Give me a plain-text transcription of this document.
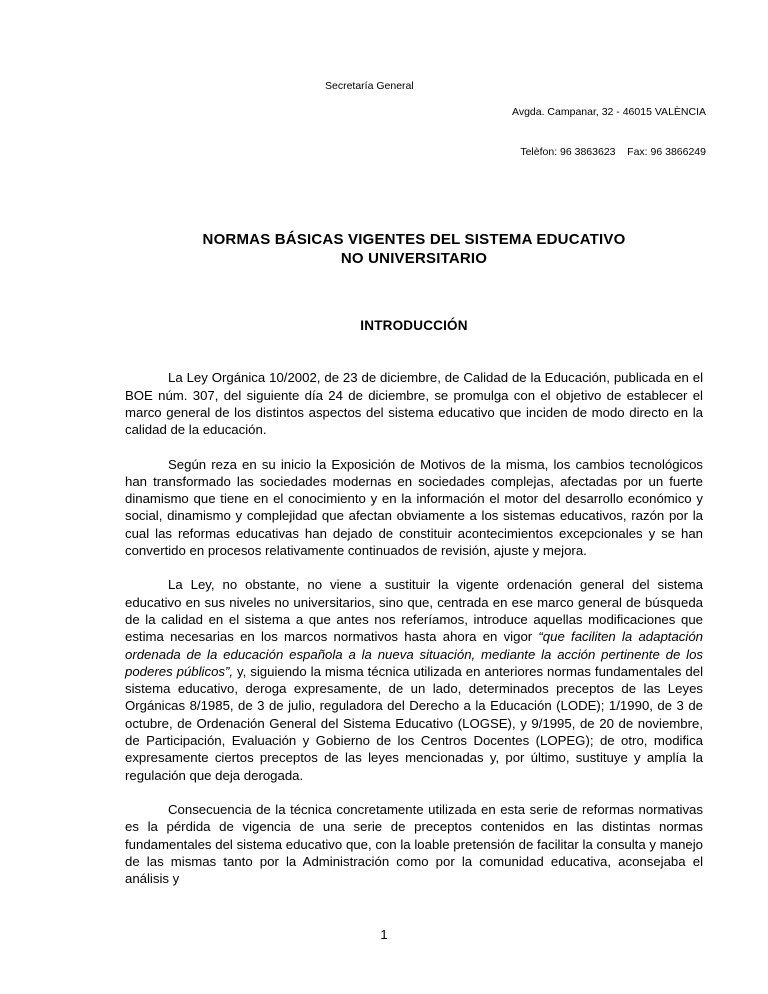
Secretaría General

Avgda. Campanar, 32 - 46015 VALÈNCIA

Telèfon: 96 3863623    Fax: 96 3866249

NORMAS BÁSICAS VIGENTES DEL SISTEMA EDUCATIVO
NO UNIVERSITARIO
INTRODUCCIÓN

La Ley Orgánica 10/2002, de 23 de diciembre, de Calidad de la Educación, publicada en el BOE núm. 307, del siguiente día 24 de diciembre, se promulga con el objetivo de establecer el marco general de los distintos aspectos del sistema educativo que inciden de modo directo en la calidad de la educación.

Según reza en su inicio la Exposición de Motivos de la misma, los cambios tecnológicos han transformado las sociedades modernas en sociedades complejas, afectadas por un fuerte dinamismo que tiene en el conocimiento y en la información el motor del desarrollo económico y social, dinamismo y complejidad que afectan obviamente a los sistemas educativos, razón por la cual las reformas educativas han dejado de constituir acontecimientos excepcionales y se han convertido en procesos relativamente continuados de revisión, ajuste y mejora.

La Ley, no obstante, no viene a sustituir la vigente ordenación general del sistema educativo en sus niveles no universitarios, sino que, centrada en ese marco general de búsqueda de la calidad en el sistema a que antes nos referíamos, introduce aquellas modificaciones que estima necesarias en los marcos normativos hasta ahora en vigor “que faciliten la adaptación ordenada de la educación española a la nueva situación, mediante la acción pertinente de los poderes públicos”, y, siguiendo la misma técnica utilizada en anteriores normas fundamentales del sistema educativo, deroga expresamente, de un lado, determinados preceptos de las Leyes Orgánicas 8/1985, de 3 de julio, reguladora del Derecho a la Educación (LODE); 1/1990, de 3 de octubre, de Ordenación General del Sistema Educativo (LOGSE), y 9/1995, de 20 de noviembre, de Participación, Evaluación y Gobierno de los Centros Docentes (LOPEG); de otro, modifica expresamente ciertos preceptos de las leyes mencionadas y, por último, sustituye y amplía la regulación que deja derogada.

Consecuencia de la técnica concretamente utilizada en esta serie de reformas normativas es la pérdida de vigencia de una serie de preceptos contenidos en las distintas normas fundamentales del sistema educativo que, con la loable pretensión de facilitar la consulta y manejo de las mismas tanto por la Administración como por la comunidad educativa, aconsejaba el análisis y

1
